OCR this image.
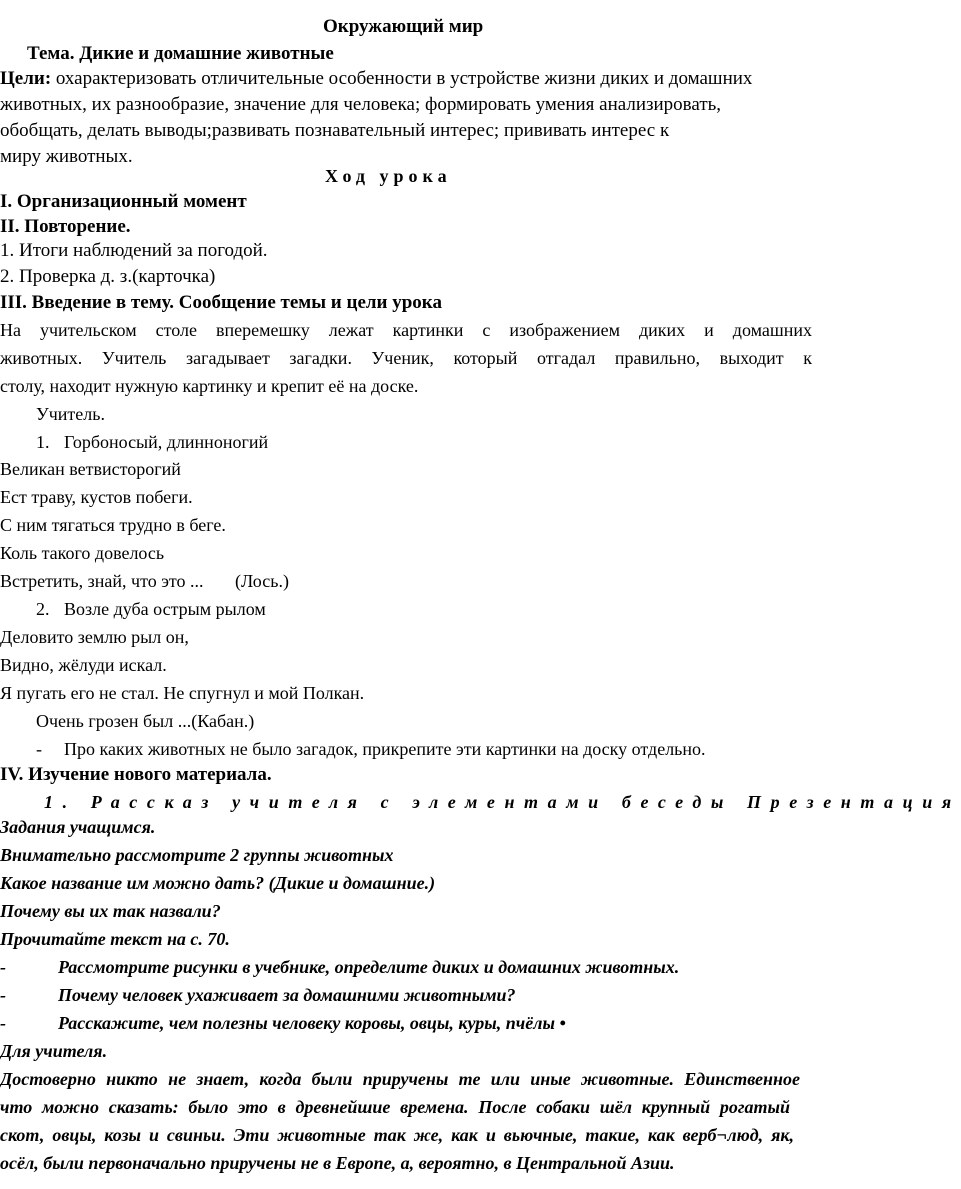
Окружающий мир
Тема. Дикие и домашние животные
Цели: охарактеризовать отличительные особенности в устройстве жизни диких и домашних
животных, их разнообразие, значение для человека; формировать умения анализировать,
обобщать, делать выводы;развивать познавательный интерес; прививать интерес к
миру животных.
Ход урока
I. Организационный момент
II. Повторение.
1. Итоги наблюдений за погодой.
2. Проверка д. з.(карточка)
III. Введение в тему. Сообщение темы и цели урока
На учительском столе вперемешку лежат картинки с изображением диких и домашних
животных. Учитель загадывает загадки. Ученик, который отгадал правильно, выходит к
столу, находит нужную картинку и крепит её на доске.
Учитель.
1. Горбоносый, длинноногий
Великан ветвисторогий
Ест траву, кустов побеги.
С ним тягаться трудно в беге.
Коль такого довелось
Встретить, знай, что это ...       (Лось.)
2. Возле дуба острым рылом
Деловито землю рыл он,
Видно, жёлуди искал.
Я пугать его не стал. Не спугнул и мой Полкан.
Очень грозен был ...(Кабан.)
- Про каких животных не было загадок, прикрепите эти картинки на доску отдельно.
IV. Изучение нового материала.
1. Рассказ учителя с элементами беседы Презентация
Задания учащимся.
Внимательно рассмотрите 2 группы животных
Какое название им можно дать? (Дикие и домашние.)
Почему вы их так назвали?
Прочитайте текст на с. 70.
-	Рассмотрите рисунки в учебнике, определите диких и домашних животных.
-	Почему человек ухаживает за домашними животными?
-	Расскажите, чем полезны человеку коровы, овцы, куры, пчёлы •
Для учителя.
Достоверно никто не знает, когда были приручены те или иные животные. Единственное
что можно сказать: было это в древнейшие времена. После собаки шёл крупный рогатый
скот, овцы, козы и свиньи. Эти животные так же, как и вьючные, такие, как верб¬люд, як,
осёл, были первоначально приручены не в Европе, а, вероятно, в Центральной Азии.
